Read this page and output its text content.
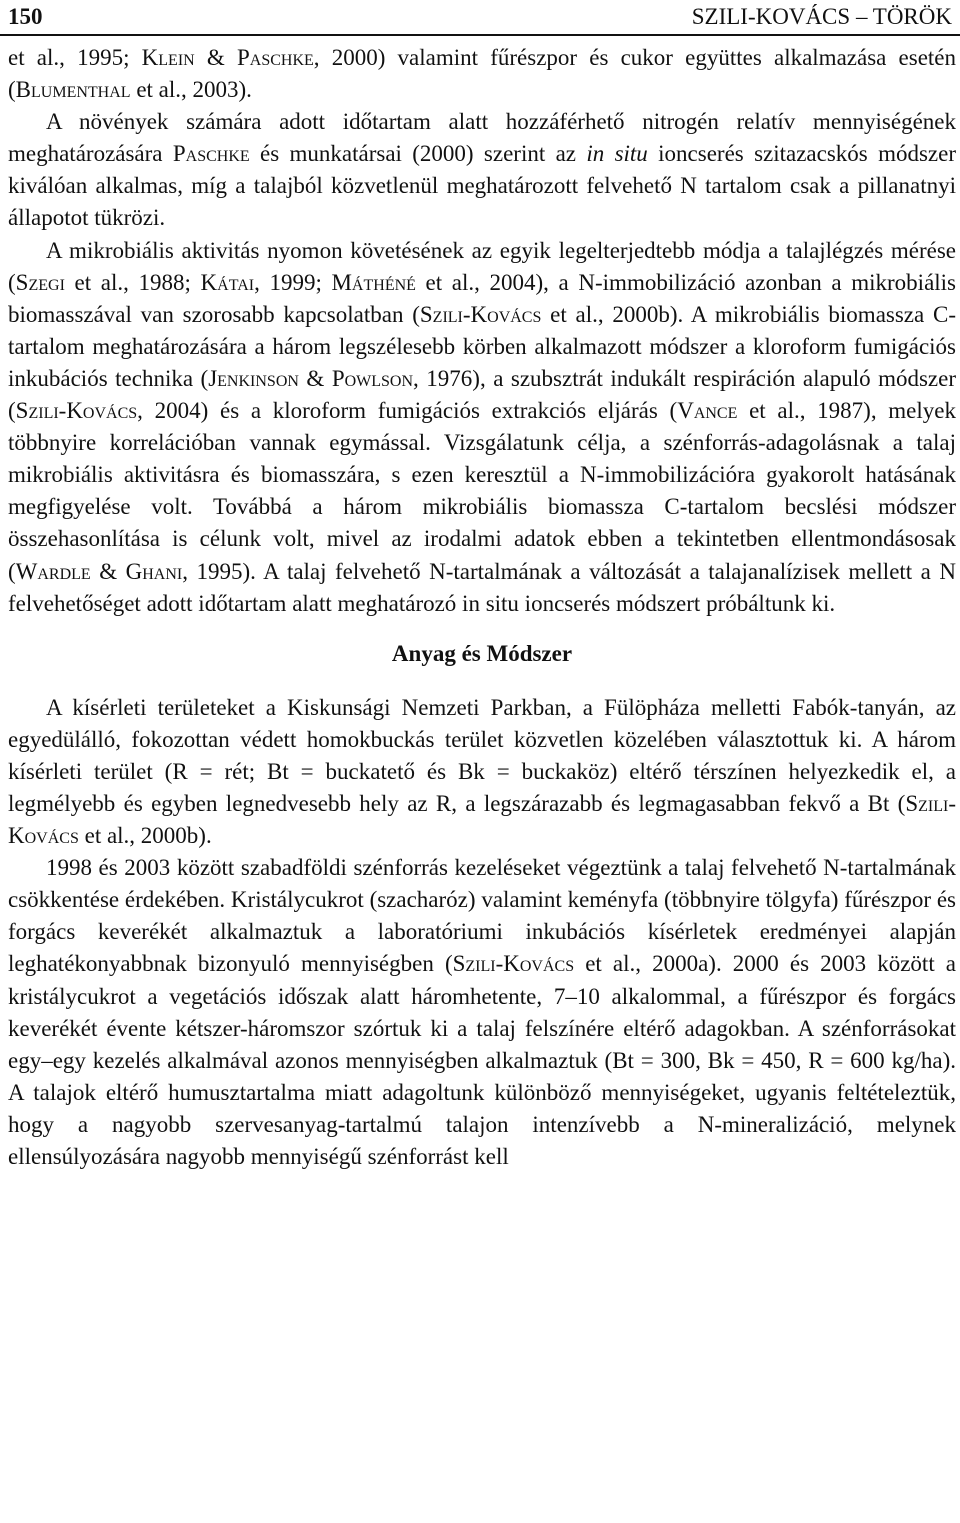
150	SZILI-KOVÁCS – TÖRÖK

et al., 1995; Klein & Paschke, 2000) valamint fűrészpor és cukor együttes alkalmazása esetén (Blumenthal et al., 2003).

A növények számára adott időtartam alatt hozzáférhető nitrogén relatív mennyiségének meghatározására Paschke és munkatársai (2000) szerint az in situ ioncserés szitazacskós módszer kiválóan alkalmas, míg a talajból közvetlenül meghatározott felvehető N tartalom csak a pillanatnyi állapotot tükrözi.

A mikrobiális aktivitás nyomon követésének az egyik legelterjedtebb módja a talajlégzés mérése (Szegi et al., 1988; Kátai, 1999; Máthéné et al., 2004), a N-immobilizáció azonban a mikrobiális biomasszával van szorosabb kapcsolatban (Szili-Kovács et al., 2000b). A mikrobiális biomassza C-tartalom meghatározására a három legszélesebb körben alkalmazott módszer a kloroform fumigációs inkubációs technika (Jenkinson & Powlson, 1976), a szubsztrát indukált respiráción alapuló módszer (Szili-Kovács, 2004) és a kloroform fumigációs extrakciós eljárás (Vance et al., 1987), melyek többnyire korrelációban vannak egymással. Vizsgálatunk célja, a szénforrás-adagolásnak a talaj mikrobiális aktivitásra és biomasszára, s ezen keresztül a N-immobilizációra gyakorolt hatásának megfigyelése volt. Továbbá a három mikrobiális biomassza C-tartalom becslési módszer összehasonlítása is célunk volt, mivel az irodalmi adatok ebben a tekintetben ellentmondásosak (Wardle & Ghani, 1995). A talaj felvehető N-tartalmának a változását a talajanalízisek mellett a N felvehetőséget adott időtartam alatt meghatározó in situ ioncserés módszert próbáltunk ki.

Anyag és Módszer

A kísérleti területeket a Kiskunsági Nemzeti Parkban, a Fülöpháza melletti Fabók-tanyán, az egyedülálló, fokozottan védett homokbuckás terület közvetlen közelében választottuk ki. A három kísérleti terület (R = rét; Bt = buckatető és Bk = buckaköz) eltérő térszínen helyezkedik el, a legmélyebb és egyben legnedvesebb hely az R, a legszárazabb és legmagasabban fekvő a Bt (Szili-Kovács et al., 2000b).

1998 és 2003 között szabadföldi szénforrás kezeléseket végeztünk a talaj felvehető N-tartalmának csökkentése érdekében. Kristálycukrot (szacharóz) valamint keményfa (többnyire tölgyfa) fűrészpor és forgács keverékét alkalmaztuk a laboratóriumi inkubációs kísérletek eredményei alapján leghatékonyabbnak bizonyuló mennyiségben (Szili-Kovács et al., 2000a). 2000 és 2003 között a kristálycukrot a vegetációs időszak alatt háromhetente, 7–10 alkalommal, a fűrészpor és forgács keverékét évente kétszer-háromszor szórtuk ki a talaj felszínére eltérő adagokban. A szénforrásokat egy–egy kezelés alkalmával azonos mennyiségben alkalmaztuk (Bt = 300, Bk = 450, R = 600 kg/ha). A talajok eltérő humusztartalma miatt adagoltunk különböző mennyiségeket, ugyanis feltételeztük, hogy a nagyobb szervesanyag-tartalmú talajon intenzívebb a N-mineralizáció, melynek ellensúlyozására nagyobb mennyiségű szénforrást kell
